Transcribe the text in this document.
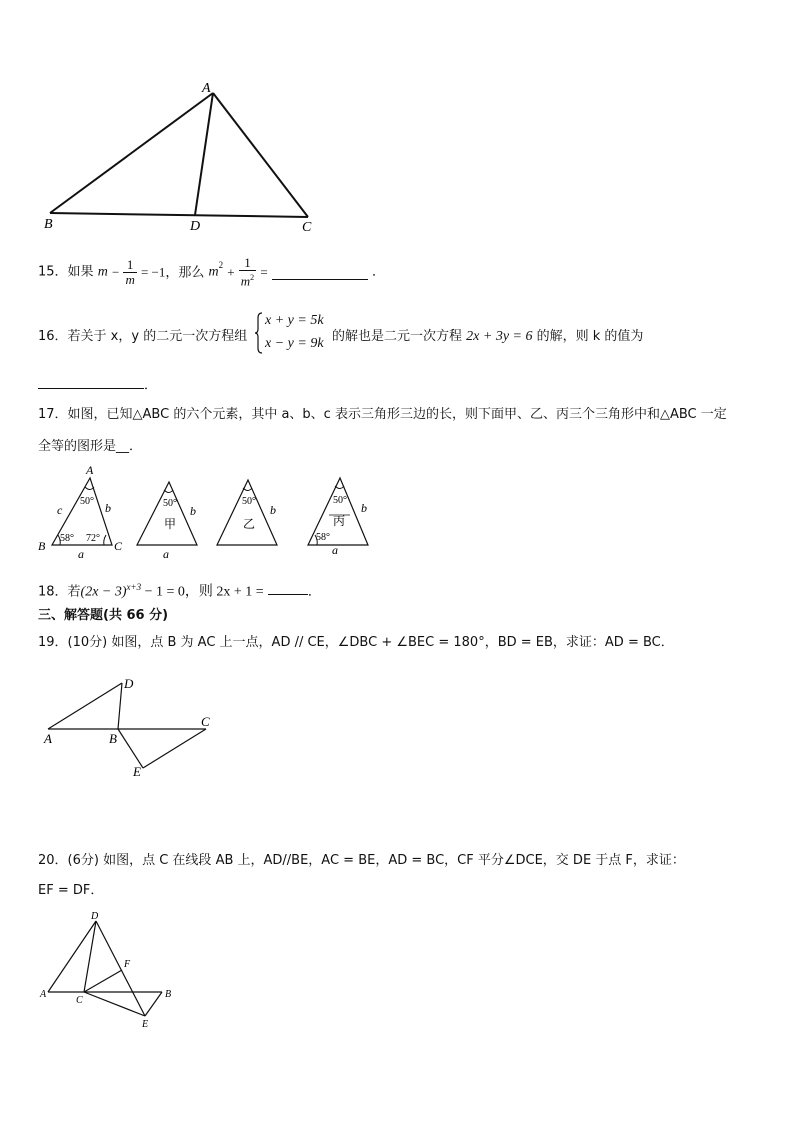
A
B	D	C
15．如果 $m - \frac{1}{m} = -1$，那么 $m^2 + \frac{1}{m^2}$ =	．
16．若关于 x，y 的二元一次方程组
x + y = 5k
x − y = 9k 的解也是二元一次方程 2x + 3y = 6 的解，则 k 的值为
．
17．如图，已知△ABC 的六个元素，其中 a、b、c 表示三角形三边的长，则下面甲、乙、丙三个三角形中和△ABC 一定
全等的图形是__．
A
B	C
c	b
a
50°
58° 72°
50°
b
a
甲
50°
b
乙
50°
58°
b
a
丙
18．若$(2x - 3)^{x+3} - 1 = 0$，则 2x + 1 =	．
三、解答题(共 66 分)
19．(10分) 如图，点 B 为 AC 上一点，AD // CE，∠DBC + ∠BEC = 180°，BD = EB，求证：AD = BC．
A	B
C
D
E
20．(6分) 如图，点 C 在线段 AB 上，AD//BE，AC = BE，AD = BC，CF 平分∠DCE，交 DE 于点 F，求证：
EF = DF．
A	B
C
D
E
F
